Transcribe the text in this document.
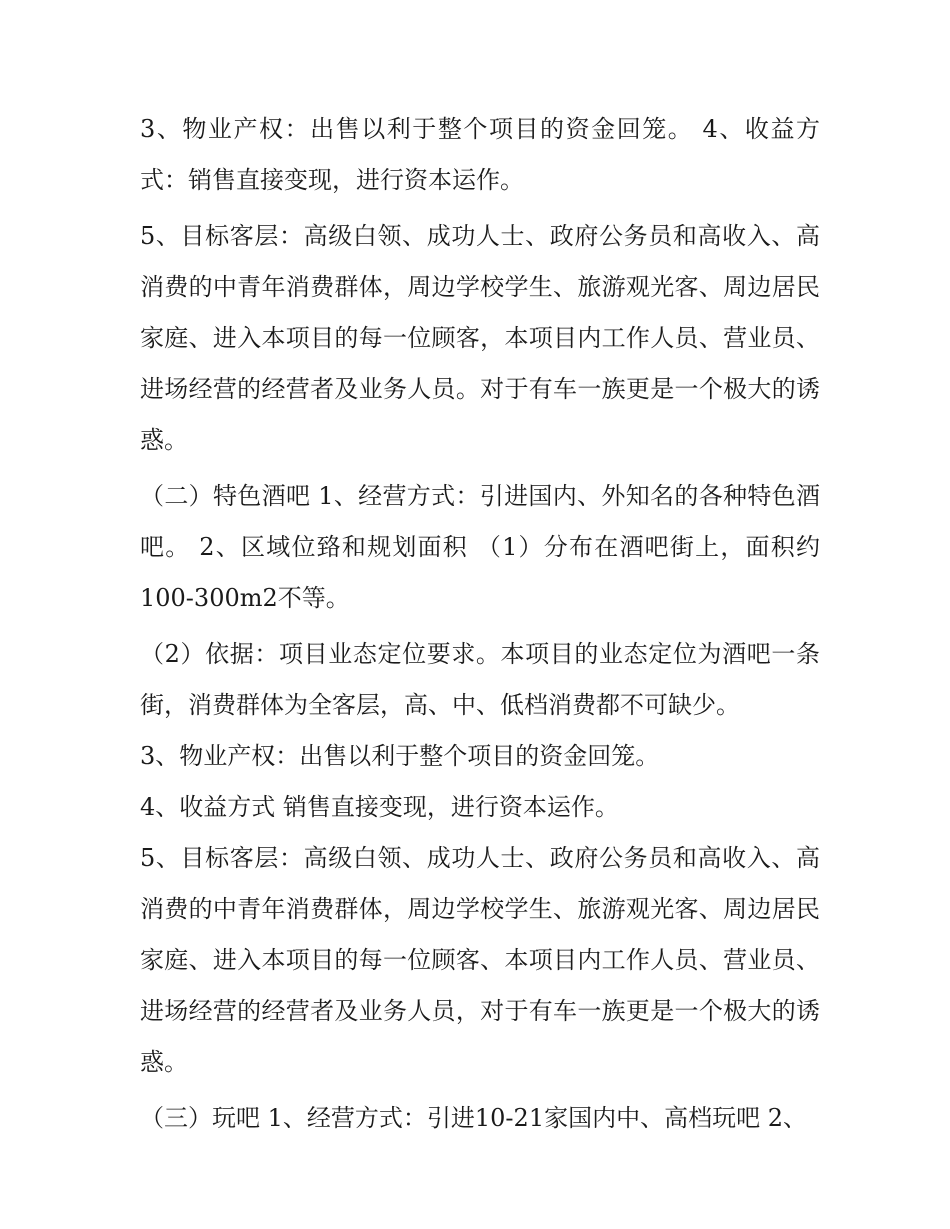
3、物业产权：出售以利于整个项目的资金回笼。 4、收益方式：销售直接变现，进行资本运作。

5、目标客层：高级白领、成功人士、政府公务员和高收入、高消费的中青年消费群体，周边学校学生、旅游观光客、周边居民家庭、进入本项目的每一位顾客，本项目内工作人员、营业员、进场经营的经营者及业务人员。对于有车一族更是一个极大的诱惑。

（二）特色酒吧 1、经营方式：引进国内、外知名的各种特色酒吧。 2、区域位臵和规划面积 （1）分布在酒吧街上，面积约100-300m2不等。

（2）依据：项目业态定位要求。本项目的业态定位为酒吧一条街，消费群体为全客层，高、中、低档消费都不可缺少。

3、物业产权：出售以利于整个项目的资金回笼。

4、收益方式 销售直接变现，进行资本运作。

5、目标客层：高级白领、成功人士、政府公务员和高收入、高消费的中青年消费群体，周边学校学生、旅游观光客、周边居民家庭、进入本项目的每一位顾客、本项目内工作人员、营业员、进场经营的经营者及业务人员，对于有车一族更是一个极大的诱惑。

（三）玩吧 1、经营方式：引进10-21家国内中、高档玩吧 2、
